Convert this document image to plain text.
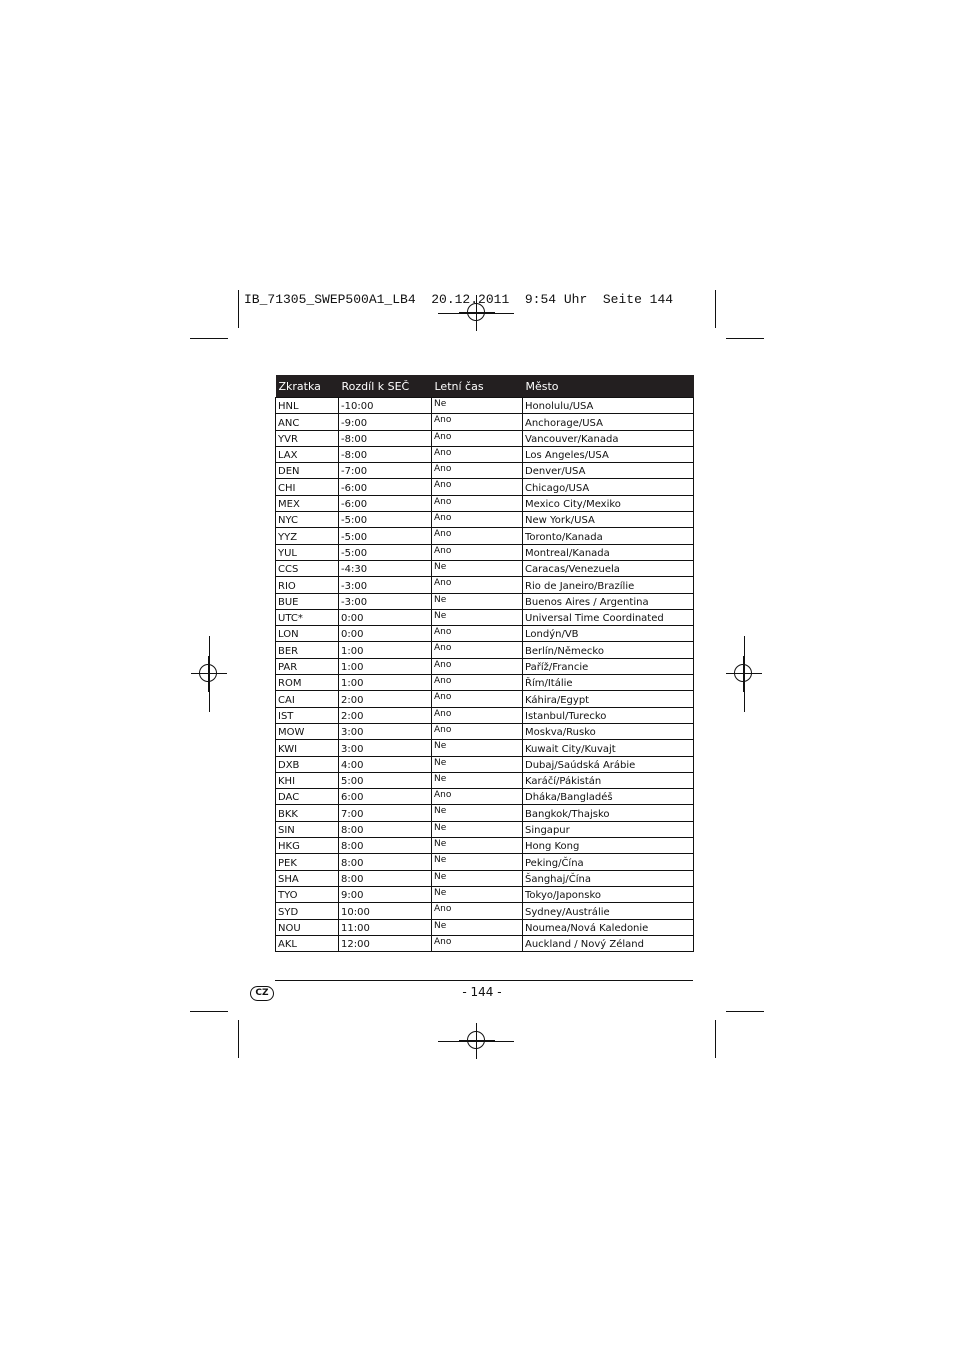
IB_71305_SWEP500A1_LB4  20.12.2011  9:54 Uhr  Seite 144
Zkratka	Rozdíl k SEČ	Letní čas	Město
HNL	-10:00	Ne	Honolulu/USA
ANC	-9:00	Ano	Anchorage/USA
YVR	-8:00	Ano	Vancouver/Kanada
LAX	-8:00	Ano	Los Angeles/USA
DEN	-7:00	Ano	Denver/USA
CHI	-6:00	Ano	Chicago/USA
MEX	-6:00	Ano	Mexico City/Mexiko
NYC	-5:00	Ano	New York/USA
YYZ	-5:00	Ano	Toronto/Kanada
YUL	-5:00	Ano	Montreal/Kanada
CCS	-4:30	Ne	Caracas/Venezuela
RIO	-3:00	Ano	Rio de Janeiro/Brazílie
BUE	-3:00	Ne	Buenos Aires / Argentina
UTC*	0:00	Ne	Universal Time Coordinated
LON	0:00	Ano	Londýn/VB
BER	1:00	Ano	Berlín/Německo
PAR	1:00	Ano	Paříž/Francie
ROM	1:00	Ano	Řím/Itálie
CAI	2:00	Ano	Káhira/Egypt
IST	2:00	Ano	Istanbul/Turecko
MOW	3:00	Ano	Moskva/Rusko
KWI	3:00	Ne	Kuwait City/Kuvajt
DXB	4:00	Ne	Dubaj/Saúdská Arábie
KHI	5:00	Ne	Karáčí/Pákistán
DAC	6:00	Ano	Dháka/Bangladéš
BKK	7:00	Ne	Bangkok/Thajsko
SIN	8:00	Ne	Singapur
HKG	8:00	Ne	Hong Kong
PEK	8:00	Ne	Peking/Čína
SHA	8:00	Ne	Šanghaj/Čína
TYO	9:00	Ne	Tokyo/Japonsko
SYD	10:00	Ano	Sydney/Austrálie
NOU	11:00	Ne	Noumea/Nová Kaledonie
AKL	12:00	Ano	Auckland / Nový Zéland
CZ	- 144 -
